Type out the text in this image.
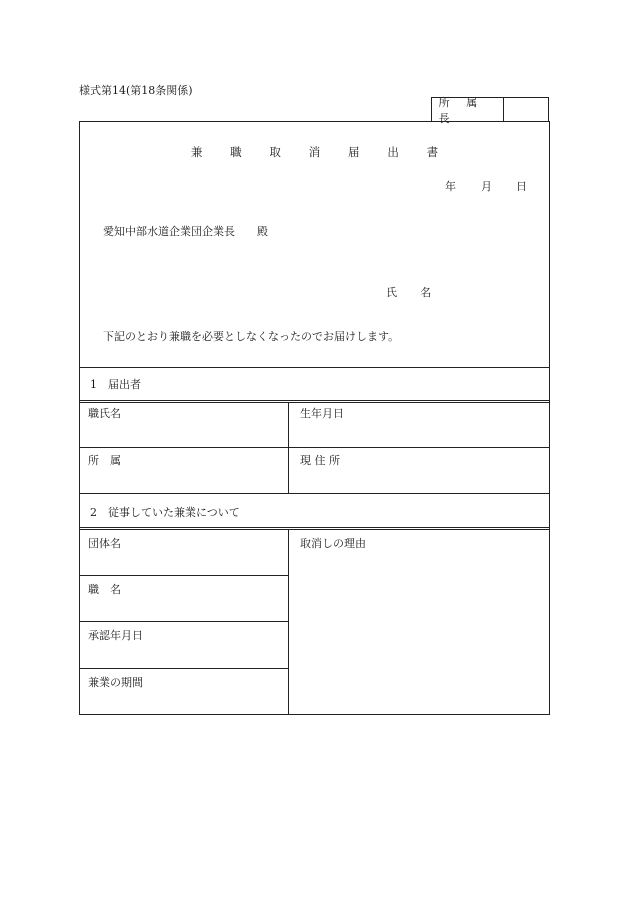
様式第14(第18条関係)
所 属 長
兼 職 取 消 届 出 書
年 月 日
愛知中部水道企業団企業長　　殿
氏 名
下記のとおり兼職を必要としなくなったのでお届けします。
1　届出者
職氏名	生年月日
所　属	現 住 所
2　従事していた兼業について
団体名	取消しの理由
職　名
承認年月日
兼業の期間
